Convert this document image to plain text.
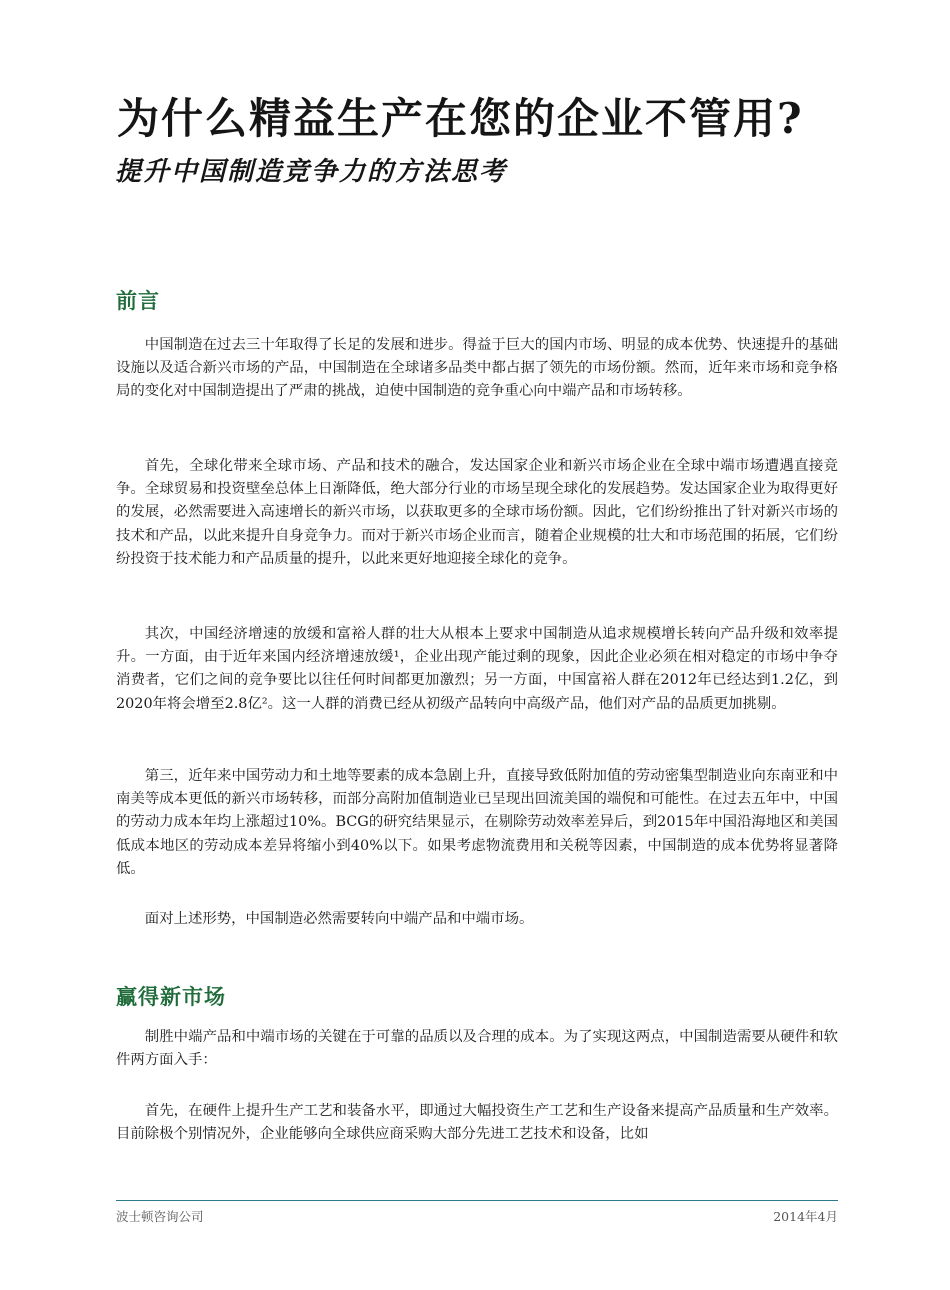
为什么精益生产在您的企业不管用?
提升中国制造竞争力的方法思考
前言

中国制造在过去三十年取得了长足的发展和进步。得益于巨大的国内市场、明显的成本优势、快速提升的基础设施以及适合新兴市场的产品，中国制造在全球诸多品类中都占据了领先的市场份额。然而，近年来市场和竞争格局的变化对中国制造提出了严肃的挑战，迫使中国制造的竞争重心向中端产品和市场转移。

首先，全球化带来全球市场、产品和技术的融合，发达国家企业和新兴市场企业在全球中端市场遭遇直接竞争。全球贸易和投资壁垒总体上日渐降低，绝大部分行业的市场呈现全球化的发展趋势。发达国家企业为取得更好的发展，必然需要进入高速增长的新兴市场，以获取更多的全球市场份额。因此，它们纷纷推出了针对新兴市场的技术和产品，以此来提升自身竞争力。而对于新兴市场企业而言，随着企业规模的壮大和市场范围的拓展，它们纷纷投资于技术能力和产品质量的提升，以此来更好地迎接全球化的竞争。

其次，中国经济增速的放缓和富裕人群的壮大从根本上要求中国制造从追求规模增长转向产品升级和效率提升。一方面，由于近年来国内经济增速放缓¹，企业出现产能过剩的现象，因此企业必须在相对稳定的市场中争夺消费者，它们之间的竞争要比以往任何时间都更加激烈；另一方面，中国富裕人群在2012年已经达到1.2亿，到2020年将会增至2.8亿²。这一人群的消费已经从初级产品转向中高级产品，他们对产品的品质更加挑剔。

第三，近年来中国劳动力和土地等要素的成本急剧上升，直接导致低附加值的劳动密集型制造业向东南亚和中南美等成本更低的新兴市场转移，而部分高附加值制造业已呈现出回流美国的端倪和可能性。在过去五年中，中国的劳动力成本年均上涨超过10%。BCG的研究结果显示，在剔除劳动效率差异后，到2015年中国沿海地区和美国低成本地区的劳动成本差异将缩小到40%以下。如果考虑物流费用和关税等因素，中国制造的成本优势将显著降低。

面对上述形势，中国制造必然需要转向中端产品和中端市场。

赢得新市场

制胜中端产品和中端市场的关键在于可靠的品质以及合理的成本。为了实现这两点，中国制造需要从硬件和软件两方面入手：

首先，在硬件上提升生产工艺和装备水平，即通过大幅投资生产工艺和生产设备来提高产品质量和生产效率。目前除极个别情况外，企业能够向全球供应商采购大部分先进工艺技术和设备，比如

波士顿咨询公司	2014年4月
